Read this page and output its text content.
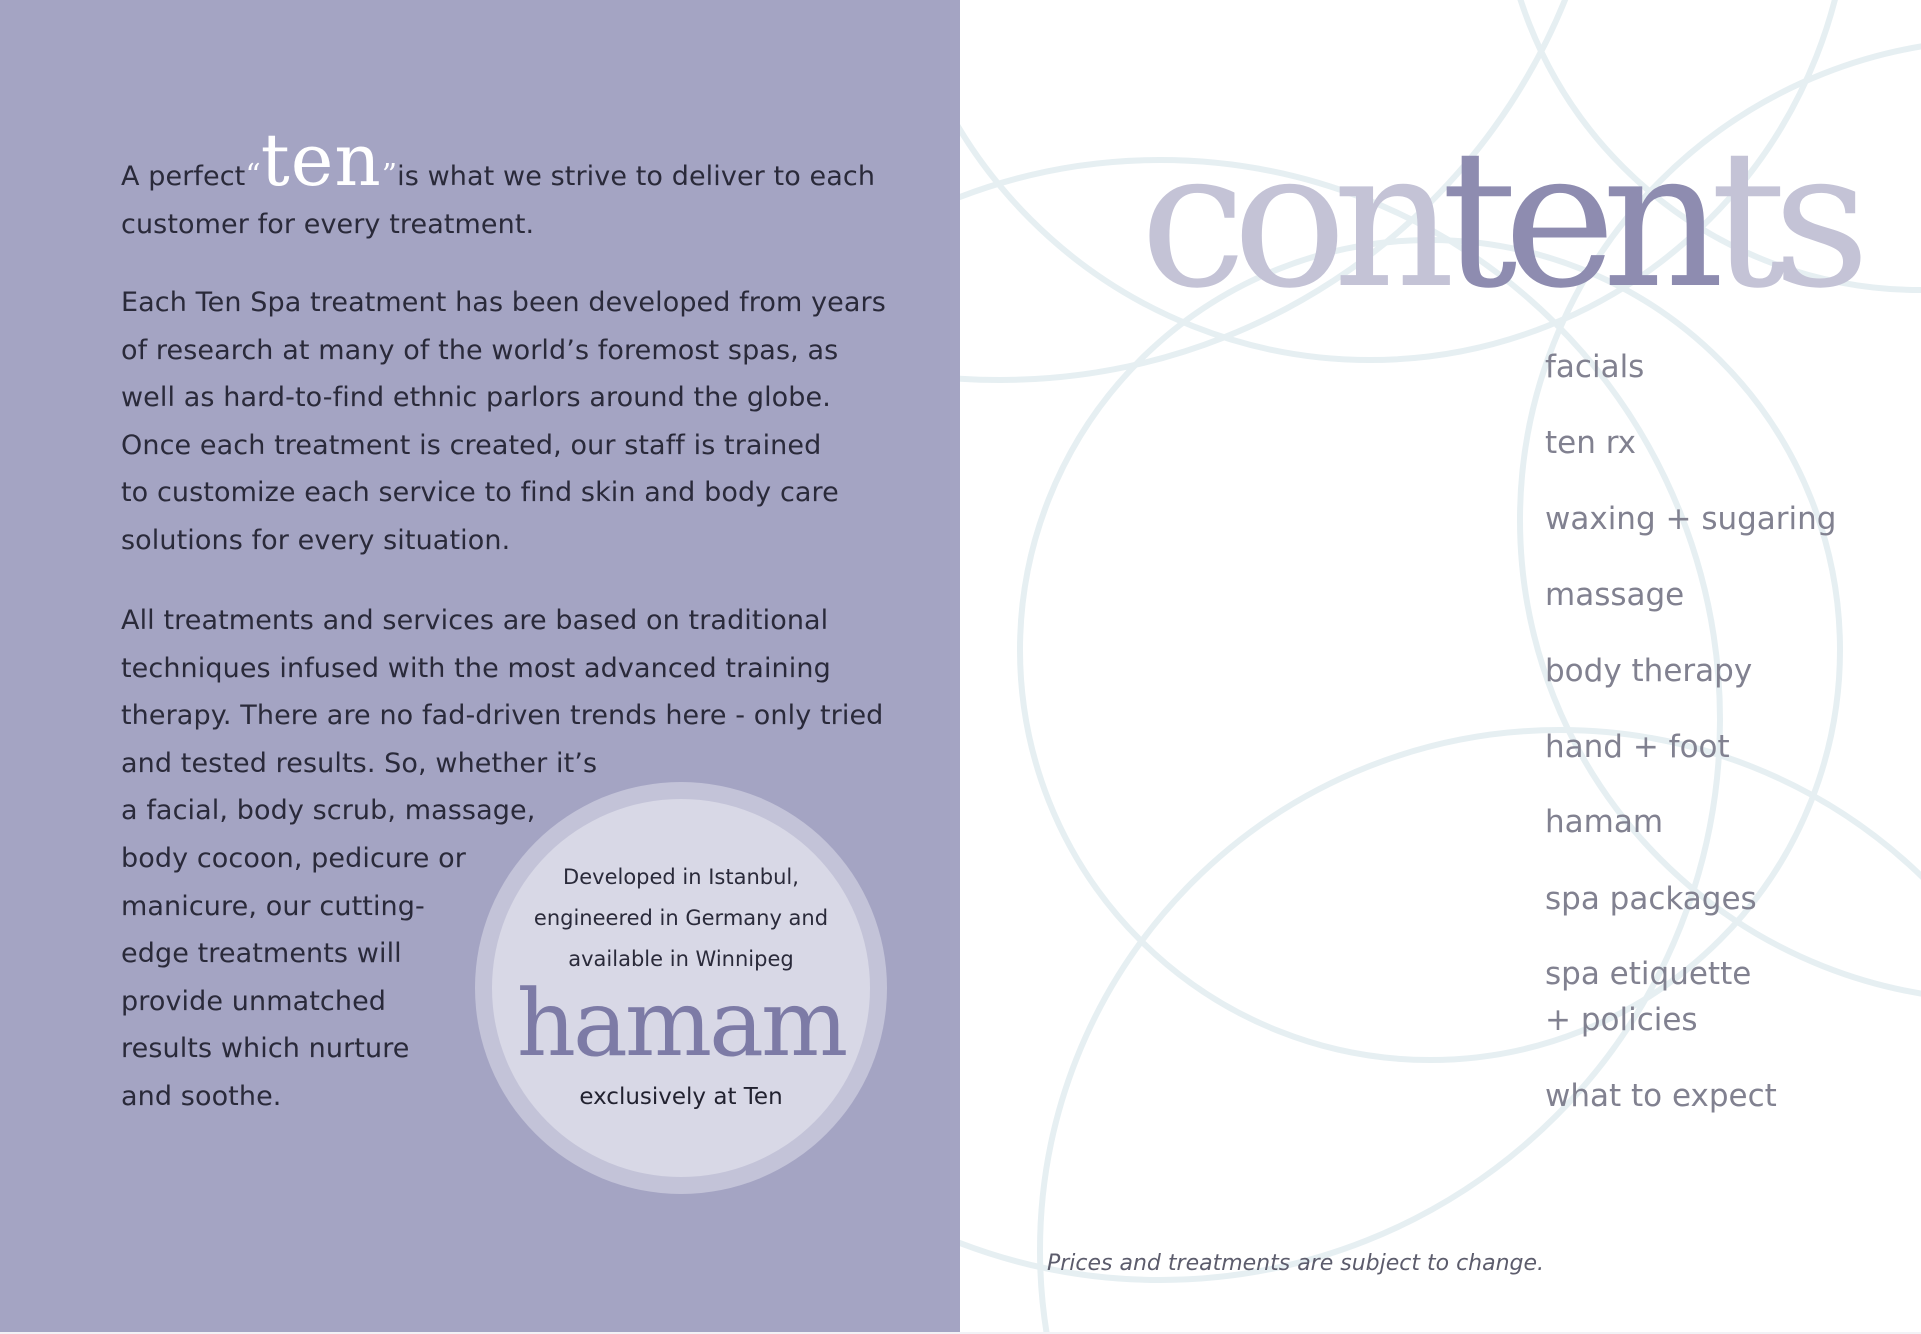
A perfect“ten”is what we strive to deliver to each
customer for every treatment.

Each Ten Spa treatment has been developed from years
of research at many of the world’s foremost spas, as
well as hard-to-find ethnic parlors around the globe.
Once each treatment is created, our staff is trained
to customize each service to find skin and body care
solutions for every situation.

All treatments and services are based on traditional
techniques infused with the most advanced training
therapy. There are no fad-driven trends here - only tried
and tested results. So, whether it’s
a facial, body scrub, massage,
body cocoon, pedicure or
manicure, our cutting-
edge treatments will
provide unmatched
results which nurture
and soothe.

Developed in Istanbul,
engineered in Germany and
available in Winnipeg
hamam
exclusively at Ten
contents
facials
ten rx
waxing + sugaring
massage
body therapy
hand + foot
hamam
spa packages
spa etiquette
+ policies
what to expect
Prices and treatments are subject to change.
